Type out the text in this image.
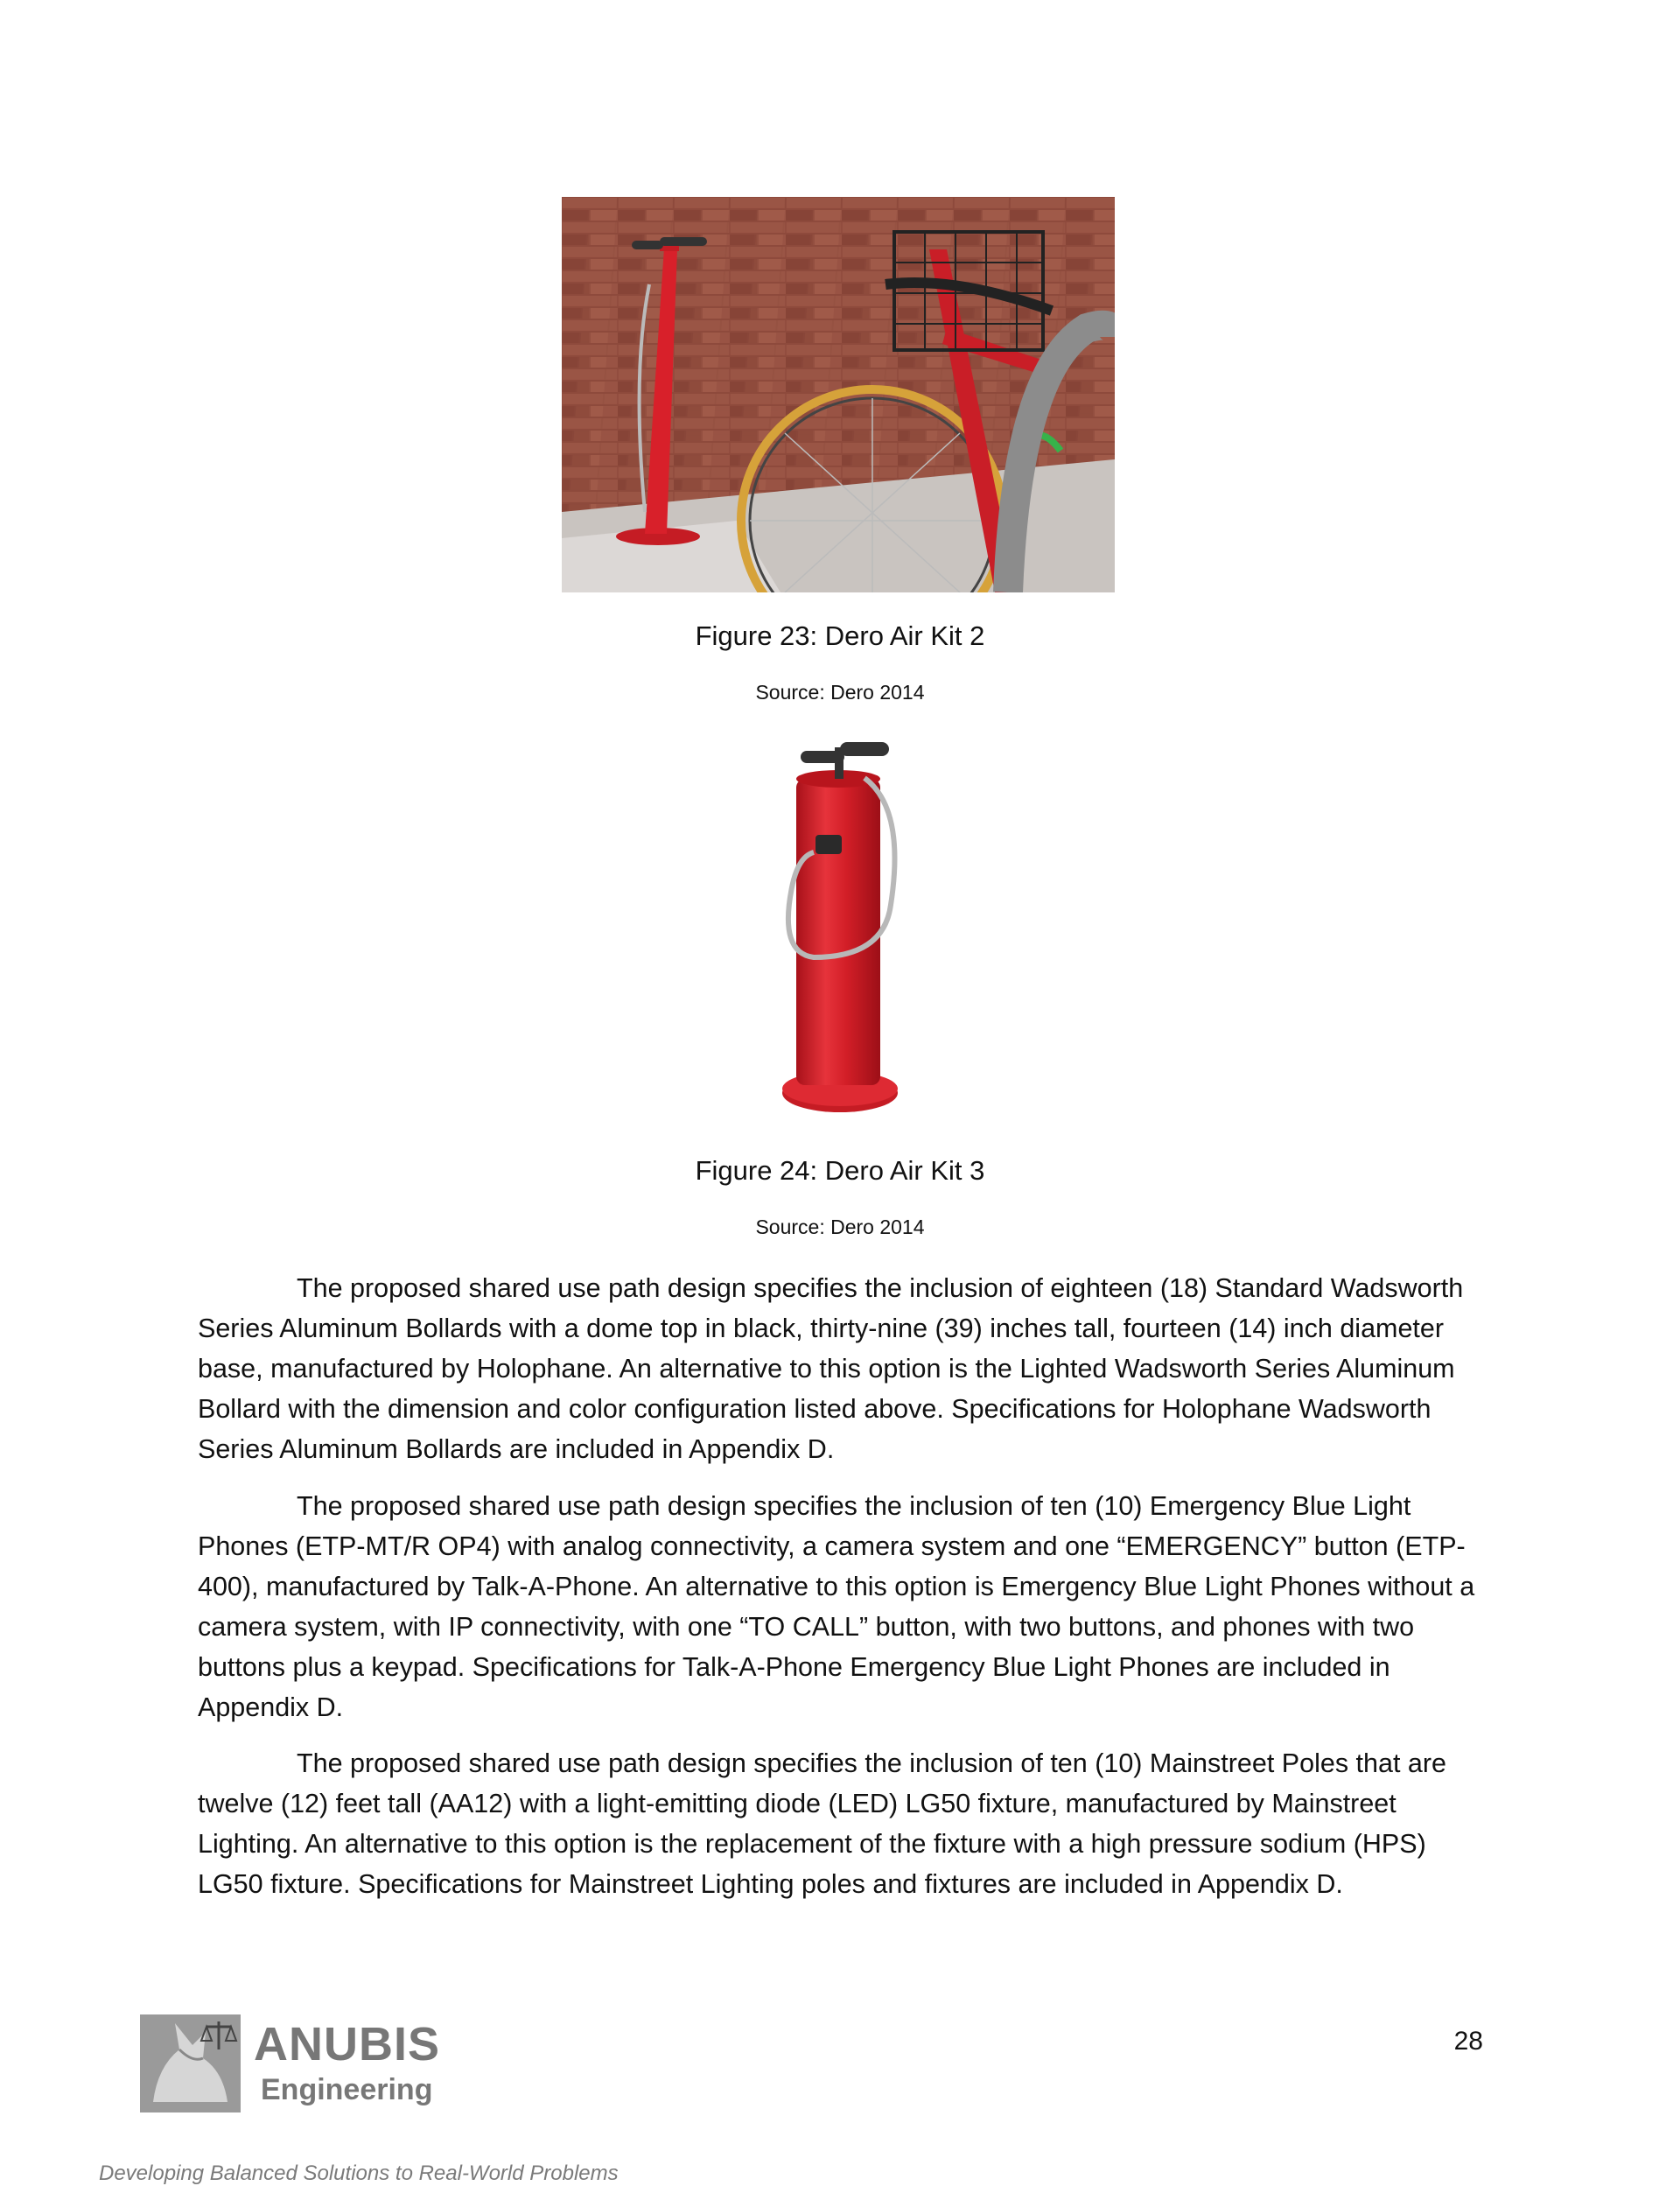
Figure 23: Dero Air Kit 2
Source: Dero 2014
Figure 24: Dero Air Kit 3
Source: Dero 2014

The proposed shared use path design specifies the inclusion of eighteen (18) Standard Wadsworth Series Aluminum Bollards with a dome top in black, thirty-nine (39) inches tall, fourteen (14) inch diameter base, manufactured by Holophane. An alternative to this option is the Lighted Wadsworth Series Aluminum Bollard with the dimension and color configuration listed above. Specifications for Holophane Wadsworth Series Aluminum Bollards are included in Appendix D.

The proposed shared use path design specifies the inclusion of ten (10) Emergency Blue Light Phones (ETP-MT/R OP4) with analog connectivity, a camera system and one “EMERGENCY” button (ETP-400), manufactured by Talk-A-Phone. An alternative to this option is Emergency Blue Light Phones without a camera system, with IP connectivity, with one “TO CALL” button, with two buttons, and phones with two buttons plus a keypad. Specifications for Talk-A-Phone Emergency Blue Light Phones are included in Appendix D.

The proposed shared use path design specifies the inclusion of ten (10) Mainstreet Poles that are twelve (12) feet tall (AA12) with a light-emitting diode (LED) LG50 fixture, manufactured by Mainstreet Lighting. An alternative to this option is the replacement of the fixture with a high pressure sodium (HPS) LG50 fixture. Specifications for Mainstreet Lighting poles and fixtures are included in Appendix D.

ANUBIS
Engineering
28
Developing Balanced Solutions to Real-World Problems
